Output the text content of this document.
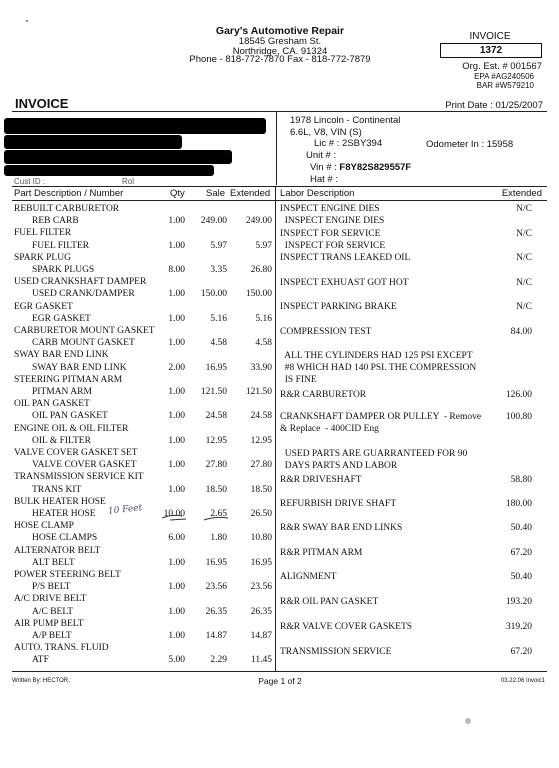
Gary's Automotive Repair
18545 Gresham St.
Northridge, CA. 91324
Phone - 818-772-7870 Fax - 818-772-7879
INVOICE
1372
Org. Est. # 001567
EPA #AG240506
BAR #W579210
INVOICE	Print Date : 01/25/2007
Cust ID :	Rol
1978 Lincoln - Continental
6.6L, V8, VIN (S)
Lic # : 2SBY394
Unit # :
Vin # : F8Y82S829557F
Hat # :
Odometer In : 15958
Part Description / Number	Qty Sale Extended Labor Description	Extended
REBUILT CARBURETOR
REB CARB	1.00 249.00	249.00
FUEL FILTER
FUEL FILTER	1.00	5.97	5.97
SPARK PLUG
SPARK PLUGS	8.00	3.35	26.80
USED CRANKSHAFT DAMPER
USED CRANK/DAMPER	1.00 150.00	150.00
EGR GASKET
EGR GASKET	1.00	5.16	5.16
CARBURETOR MOUNT GASKET
CARB MOUNT GASKET	1.00	4.58	4.58
SWAY BAR END LINK
SWAY BAR END LINK	2.00	16.95	33.90
STEERING PITMAN ARM
PITMAN ARM	1.00 121.50	121.50
OIL PAN GASKET
OIL PAN GASKET	1.00	24.58	24.58
ENGINE OIL & OIL FILTER
OIL & FILTER	1.00	12.95	12.95
VALVE COVER GASKET SET
VALVE COVER GASKET	1.00	27.80	27.80
TRANSMISSION SERVICE KIT
TRANS KIT	1.00	18.50	18.50
BULK HEATER HOSE
HEATER HOSE	10.00	2.65	26.50
HOSE CLAMP
HOSE CLAMPS	6.00	1.80	10.80
ALTERNATOR BELT
ALT BELT	1.00	16.95	16.95
POWER STEERING BELT
P/S BELT	1.00	23.56	23.56
A/C DRIVE BELT
A/C BELT	1.00	26.35	26.35
AIR PUMP BELT
A/P BELT	1.00	14.87	14.87
AUTO. TRANS. FLUID
ATF	5.00	2.29	11.45
INSPECT ENGINE DIES	N/C
INSPECT ENGINE DIES
INSPECT FOR SERVICE	N/C
INSPECT FOR SERVICE
INSPECT TRANS LEAKED OIL	N/C
INSPECT EXHUAST GOT HOT	N/C
INSPECT PARKING BRAKE	N/C
COMPRESSION TEST	84.00
ALL THE CYLINDERS HAD 125 PSI EXCEPT
#8 WHICH HAD 140 PSI. THE COMPRESSION
IS FINE
R&R CARBURETOR	126.00
CRANKSHAFT DAMPER OR PULLEY  - Remove	100.80
& Replace  - 400CID Eng
USED PARTS ARE GUARRANTEED FOR 90
DAYS PARTS AND LABOR
R&R DRIVESHAFT	58.80
REFURBISH DRIVE SHAFT	180.00
R&R SWAY BAR END LINKS	50.40
R&R PITMAN ARM	67.20
ALIGNMENT	50.40
R&R OIL PAN GASKET	193.20
R&R VALVE COVER GASKETS	319.20
TRANSMISSION SERVICE	67.20
10 Feet
Written By: HECTOR,	Page 1 of 2	03.22.06 Invoic1
